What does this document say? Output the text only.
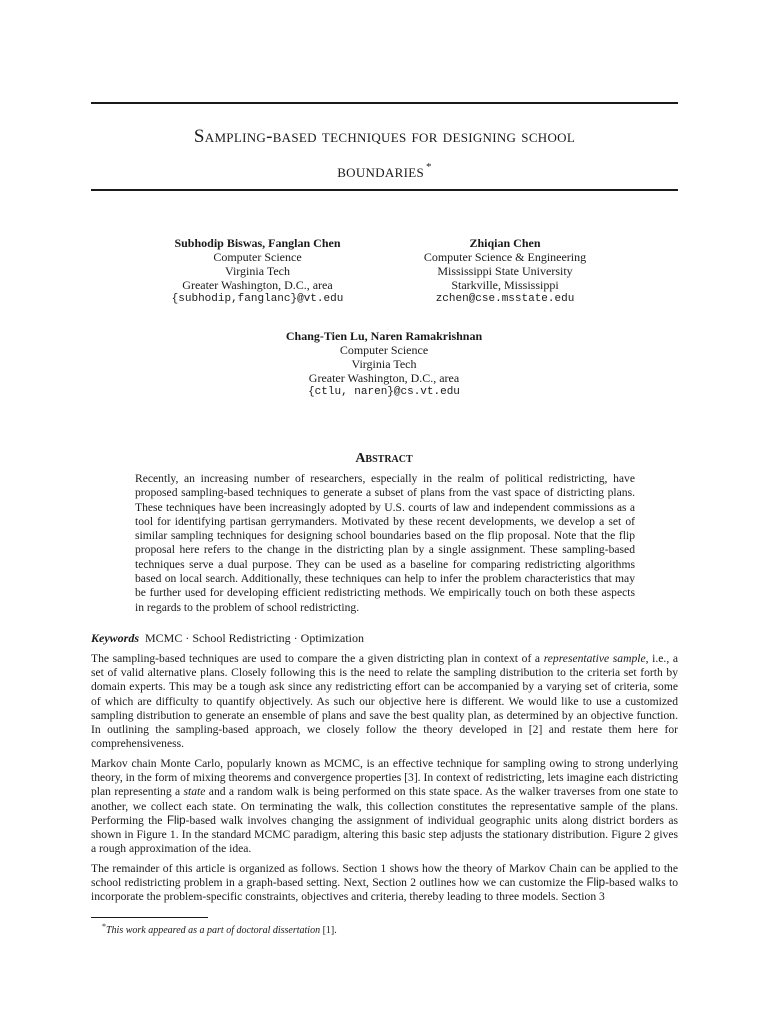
Sampling-based techniques for designing school
boundaries *
Subhodip Biswas, Fanglan Chen
Computer Science
Virginia Tech
Greater Washington, D.C., area
{subhodip,fanglanc}@vt.edu
Zhiqian Chen
Computer Science & Engineering
Mississippi State University
Starkville, Mississippi
zchen@cse.msstate.edu
Chang-Tien Lu, Naren Ramakrishnan
Computer Science
Virginia Tech
Greater Washington, D.C., area
{ctlu, naren}@cs.vt.edu
Abstract

Recently, an increasing number of researchers, especially in the realm of political redistricting, have proposed sampling-based techniques to generate a subset of plans from the vast space of districting plans. These techniques have been increasingly adopted by U.S. courts of law and independent commissions as a tool for identifying partisan gerrymanders. Motivated by these recent developments, we develop a set of similar sampling techniques for designing school boundaries based on the flip proposal. Note that the flip proposal here refers to the change in the districting plan by a single assignment. These sampling-based techniques serve a dual purpose. They can be used as a baseline for comparing redistricting algorithms based on local search. Additionally, these techniques can help to infer the problem characteristics that may be further used for developing efficient redistricting methods. We empirically touch on both these aspects in regards to the problem of school redistricting.

Keywords MCMC · School Redistricting · Optimization

The sampling-based techniques are used to compare the a given districting plan in context of a representative sample, i.e., a set of valid alternative plans. Closely following this is the need to relate the sampling distribution to the criteria set forth by domain experts. This may be a tough ask since any redistricting effort can be accompanied by a varying set of criteria, some of which are difficulty to quantify objectively. As such our objective here is different. We would like to use a customized sampling distribution to generate an ensemble of plans and save the best quality plan, as determined by an objective function. In outlining the sampling-based approach, we closely follow the theory developed in [2] and restate them here for comprehensiveness.

Markov chain Monte Carlo, popularly known as MCMC, is an effective technique for sampling owing to strong underlying theory, in the form of mixing theorems and convergence properties [3]. In context of redistricting, lets imagine each districting plan representing a state and a random walk is being performed on this state space. As the walker traverses from one state to another, we collect each state. On terminating the walk, this collection constitutes the representative sample of the plans. Performing the Flip-based walk involves changing the assignment of individual geographic units along district borders as shown in Figure 1. In the standard MCMC paradigm, altering this basic step adjusts the stationary distribution. Figure 2 gives a rough approximation of the idea.

The remainder of this article is organized as follows. Section 1 shows how the theory of Markov Chain can be applied to the school redistricting problem in a graph-based setting. Next, Section 2 outlines how we can customize the Flip-based walks to incorporate the problem-specific constraints, objectives and criteria, thereby leading to three models. Section 3

*This work appeared as a part of doctoral dissertation [1].
